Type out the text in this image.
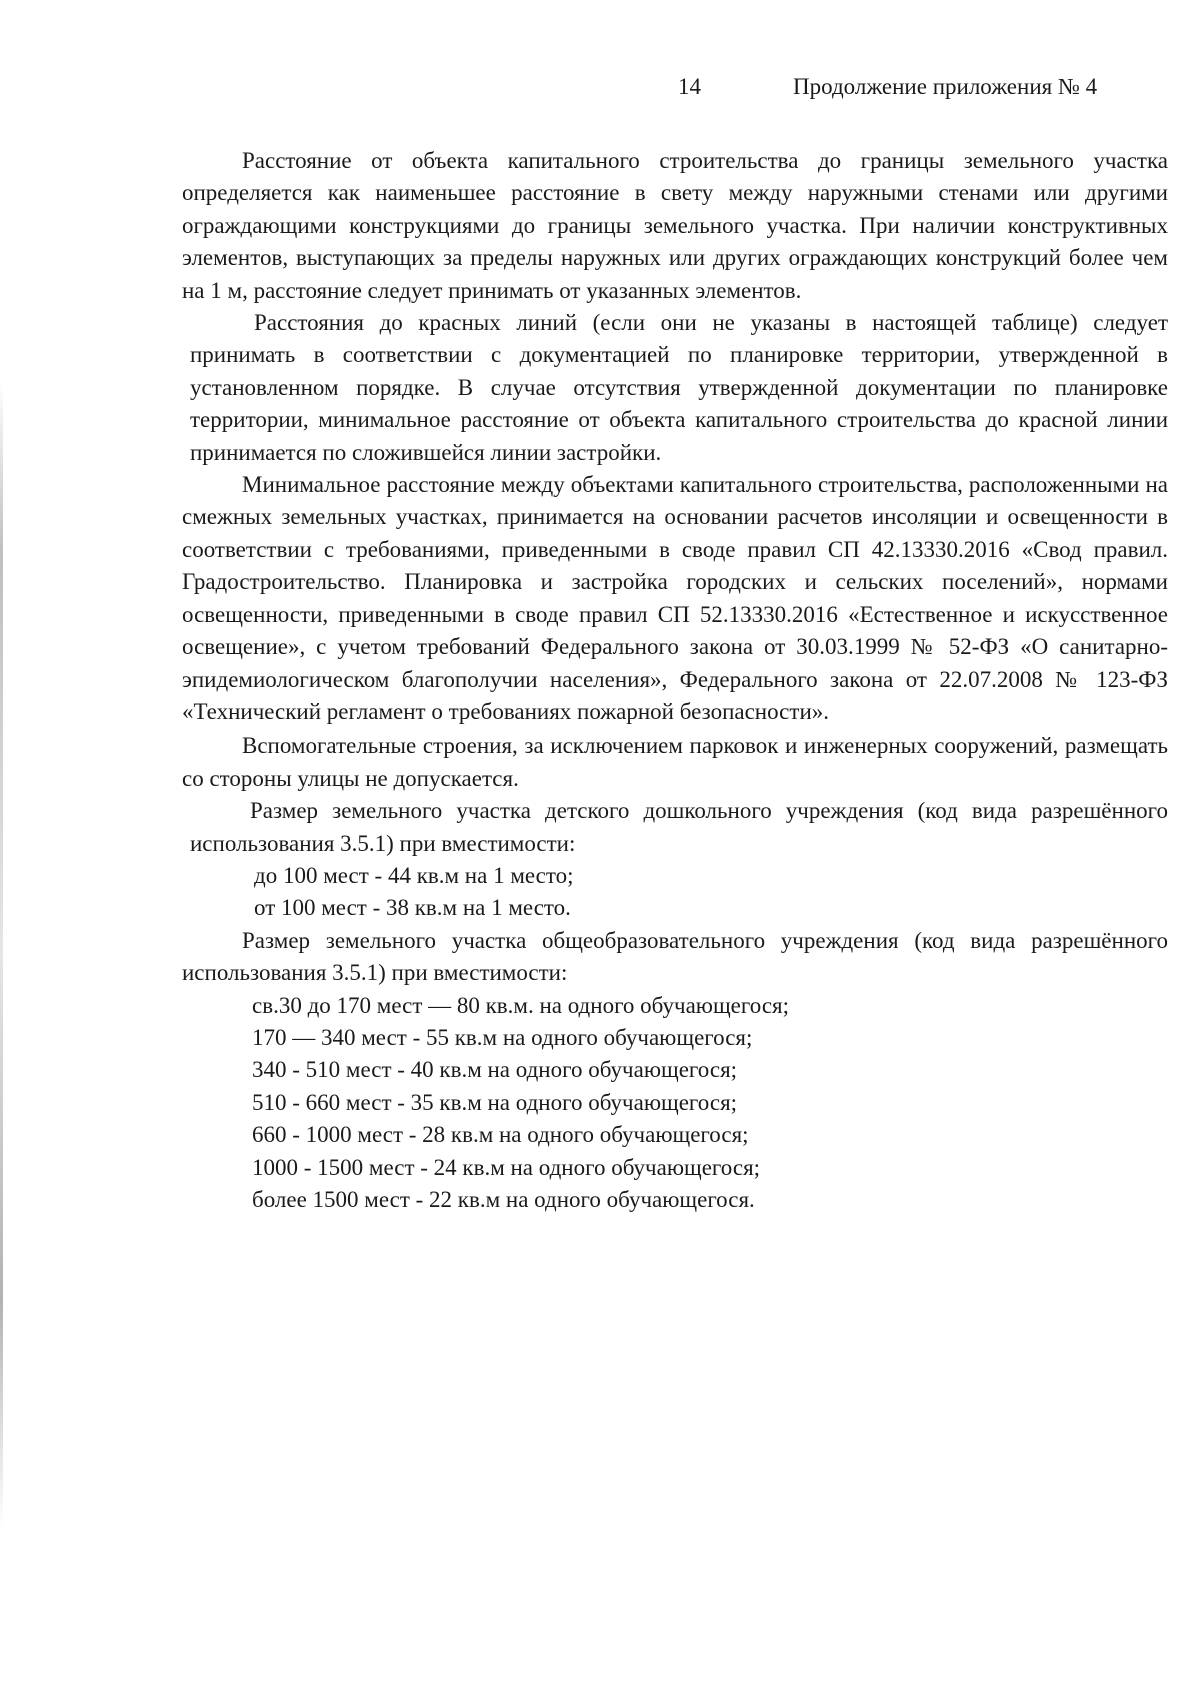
14	Продолжение приложения № 4

Расстояние от объекта капитального строительства до границы земельного участка определяется как наименьшее расстояние в свету между наружными стенами или другими ограждающими конструкциями до границы земельного участка. При наличии конструктивных элементов, выступающих за пределы наружных или других ограждающих конструкций более чем на 1 м, расстояние следует принимать от указанных элементов.

Расстояния до красных линий (если они не указаны в настоящей таблице) следует принимать в соответствии с документацией по планировке территории, утвержденной в установленном порядке. В случае отсутствия утвержденной документации по планировке территории, минимальное расстояние от объекта капитального строительства до красной линии принимается по сложившейся линии застройки.

Минимальное расстояние между объектами капитального строительства, расположенными на смежных земельных участках, принимается на основании расчетов инсоляции и освещенности в соответствии с требованиями, приведенными в своде правил СП 42.13330.2016 «Свод правил. Градостроительство. Планировка и застройка городских и сельских поселений», нормами освещенности, приведенными в своде правил СП 52.13330.2016 «Естественное и искусственное освещение», с учетом требований Федерального закона от 30.03.1999 № 52-ФЗ «О санитарно-эпидемиологическом благополучии населения», Федерального закона от 22.07.2008 № 123-ФЗ «Технический регламент о требованиях пожарной безопасности».

Вспомогательные строения, за исключением парковок и инженерных сооружений, размещать со стороны улицы не допускается.

Размер земельного участка детского дошкольного учреждения (код вида разрешённого использования 3.5.1) при вместимости:

до 100 мест - 44 кв.м на 1 место;

от 100 мест - 38 кв.м на 1 место.

Размер земельного участка общеобразовательного учреждения (код вида разрешённого использования 3.5.1) при вместимости:

св.30 до 170 мест — 80 кв.м. на одного обучающегося;

170 — 340 мест - 55 кв.м на одного обучающегося;

340 - 510 мест - 40 кв.м на одного обучающегося;

510 - 660 мест - 35 кв.м на одного обучающегося;

660 - 1000 мест - 28 кв.м на одного обучающегося;

1000 - 1500 мест - 24 кв.м на одного обучающегося;

более 1500 мест - 22 кв.м на одного обучающегося.
